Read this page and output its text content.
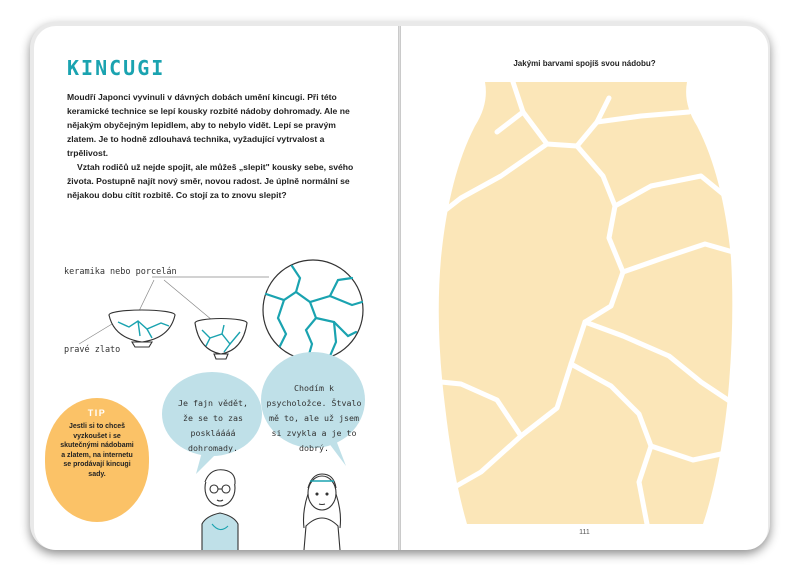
KINCUGI

Moudří Japonci vyvinuli v dávných dobách umění kincugi. Při této keramické technice se lepí kousky rozbité nádoby dohromady. Ale ne nějakým obyčejným lepidlem, aby to nebylo vidět. Lepí se pravým zlatem. Je to hodně zdlouhavá technika, vyžadující vytrvalost a trpělivost.

Vztah rodičů už nejde spojit, ale můžeš „slepit" kousky sebe, svého života. Postupně najít nový směr, novou radost. Je úplně normální se nějakou dobu cítit rozbitě. Co stojí za to znovu slepit?

keramika nebo porcelán
pravé zlato
Je fajn vědět, že se to zas poskláááá dohromady.
Chodím k psycholožce. Štvalo mě to, ale už jsem si zvykla a je to dobrý.
TIP
Jestli si to chceš vyzkoušet i se skutečnými nádobami a zlatem, na internetu se prodávají kincugi sady.
Jakými barvami spojíš svou nádobu?
111
